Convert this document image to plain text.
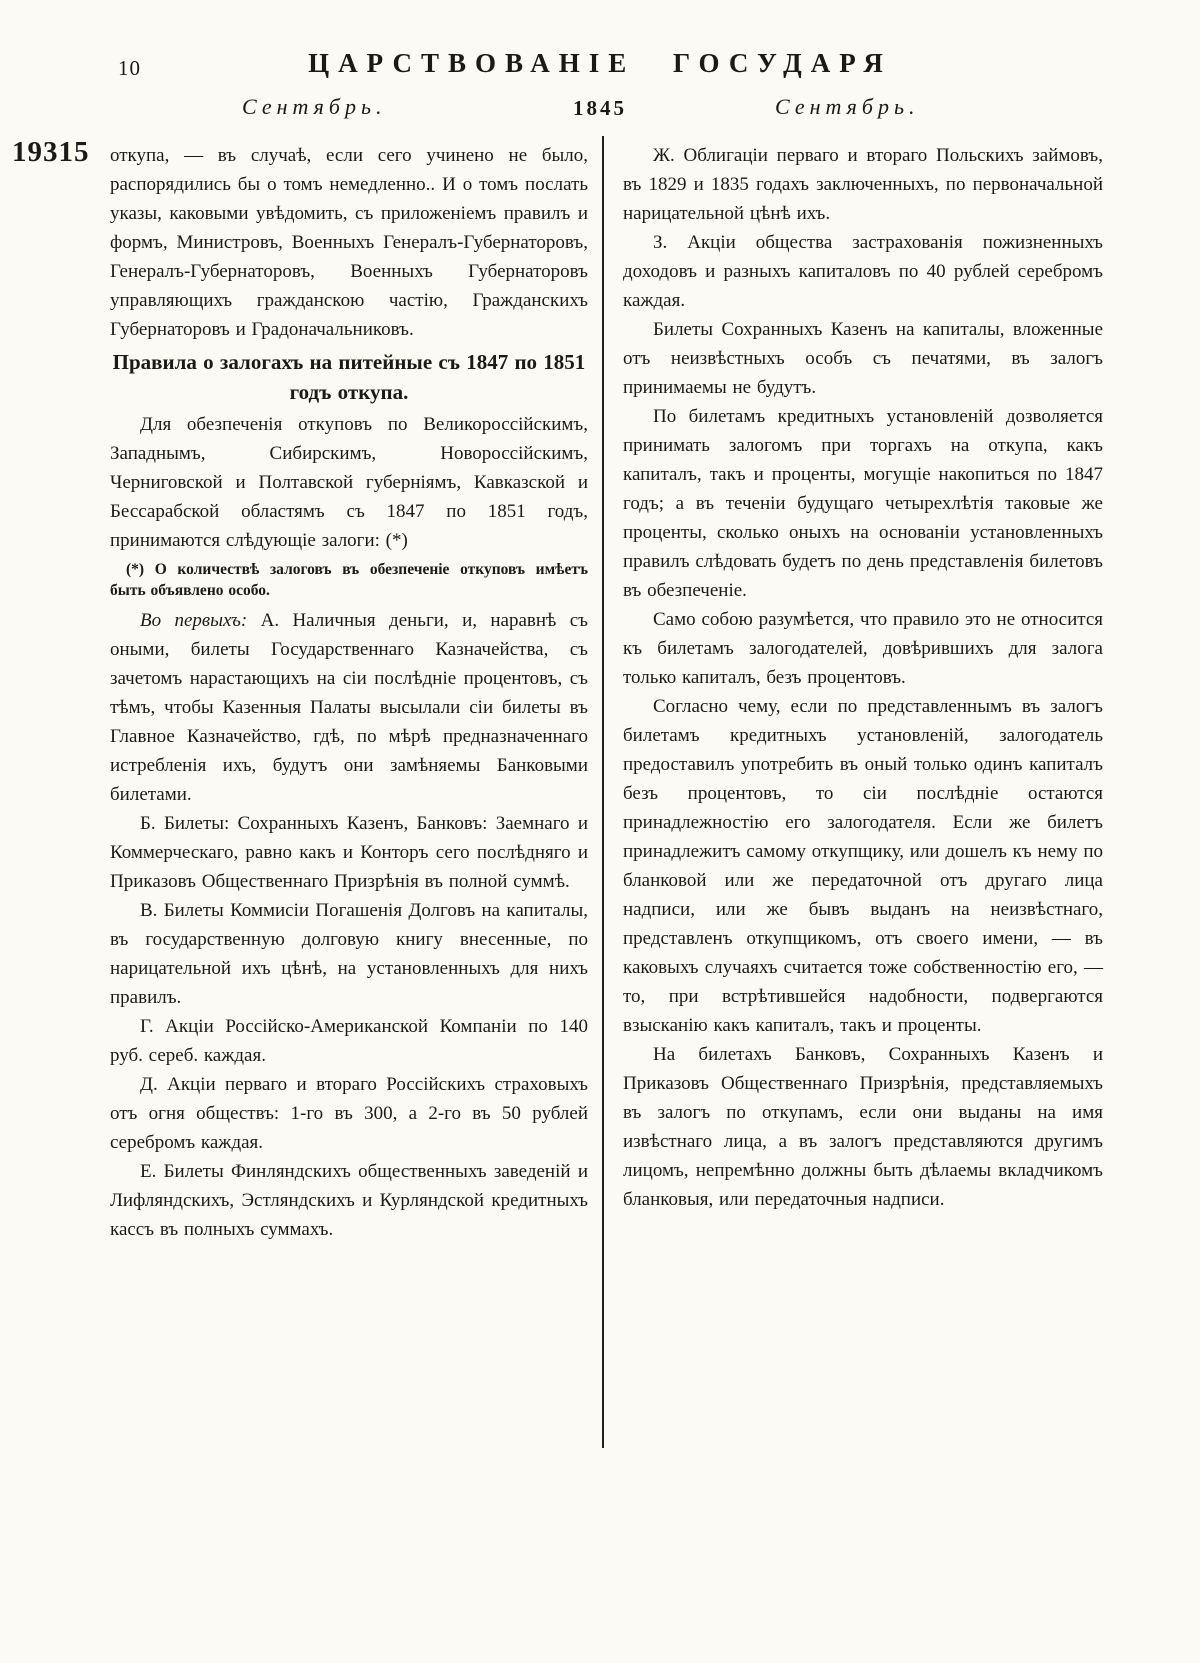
10	ЦАРСТВОВАНІЕ ГОСУДАРЯ
Сентябрь.	1845	Сентябрь.
19315 откупа, — въ случаѣ, если сего учинено не было, распорядились бы о томъ немедленно.. И о томъ послать указы, каковыми увѣдомить, съ приложеніемъ правилъ и формъ, Министровъ, Военныхъ Генералъ-Губернаторовъ, Генералъ-Губернаторовъ, Военныхъ Губернаторовъ управляющихъ гражданскою частію, Гражданскихъ Губернаторовъ и Градоначальниковъ.

Правила о залогахъ на питейные съ 1847 по 1851 годъ откупа.

Для обезпеченія откуповъ по Великороссійскимъ, Западнымъ, Сибирскимъ, Новороссійскимъ, Черниговской и Полтавской губерніямъ, Кавказской и Бессарабской областямъ съ 1847 по 1851 годъ, принимаются слѣдующіе залоги: (*)

(*) О количествѣ залоговъ въ обезпеченіе откуповъ имѣетъ быть объявлено особо.

Во первыхъ: А. Наличныя деньги, и, наравнѣ съ оными, билеты Государственнаго Казначейства, съ зачетомъ нарастающихъ на сіи послѣдніе процентовъ, съ тѣмъ, чтобы Казенныя Палаты высылали сіи билеты въ Главное Казначейство, гдѣ, по мѣрѣ предназначеннаго истребленія ихъ, будутъ они замѣняемы Банковыми билетами.

Б. Билеты: Сохранныхъ Казенъ, Банковъ: Заемнаго и Коммерческаго, равно какъ и Конторъ сего послѣдняго и Приказовъ Общественнаго Призрѣнія въ полной суммѣ.

В. Билеты Коммисіи Погашенія Долговъ на капиталы, въ государственную долговую книгу внесенные, по нарицательной ихъ цѣнѣ, на установленныхъ для нихъ правилъ.

Г. Акціи Россійско-Американской Компаніи по 140 руб. сереб. каждая.

Д. Акціи перваго и втораго Россійскихъ страховыхъ отъ огня обществъ: 1-го въ 300, а 2-го въ 50 рублей серебромъ каждая.

Е. Билеты Финляндскихъ общественныхъ заведеній и Лифляндскихъ, Эстляндскихъ и Курляндской кредитныхъ кассъ въ полныхъ суммахъ.

Ж. Облигаціи перваго и втораго Польскихъ займовъ, въ 1829 и 1835 годахъ заключенныхъ, по первоначальной нарицательной цѣнѣ ихъ.

З. Акціи общества застрахованія пожизненныхъ доходовъ и разныхъ капиталовъ по 40 рублей серебромъ каждая.

Билеты Сохранныхъ Казенъ на капиталы, вложенные отъ неизвѣстныхъ особъ съ печатями, въ залогъ принимаемы не будутъ.

По билетамъ кредитныхъ установленій дозволяется принимать залогомъ при торгахъ на откупа, какъ капиталъ, такъ и проценты, могущіе накопиться по 1847 годъ; а въ теченіи будущаго четырехлѣтія таковые же проценты, сколько оныхъ на основаніи установленныхъ правилъ слѣдовать будетъ по день представленія билетовъ въ обезпеченіе.

Само собою разумѣется, что правило это не относится къ билетамъ залогодателей, довѣрившихъ для залога только капиталъ, безъ процентовъ.

Согласно чему, если по представленнымъ въ залогъ билетамъ кредитныхъ установленій, залогодатель предоставилъ употребить въ оный только одинъ капиталъ безъ процентовъ, то сіи послѣдніе остаются принадлежностію его залогодателя. Если же билетъ принадлежитъ самому откупщику, или дошелъ къ нему по бланковой или же передаточной отъ другаго лица надписи, или же бывъ выданъ на неизвѣстнаго, представленъ откупщикомъ, отъ своего имени, — въ каковыхъ случаяхъ считается тоже собственностію его, — то, при встрѣтившейся надобности, подвергаются взысканію какъ капиталъ, такъ и проценты.

На билетахъ Банковъ, Сохранныхъ Казенъ и Приказовъ Общественнаго Призрѣнія, представляемыхъ въ залогъ по откупамъ, если они выданы на имя извѣстнаго лица, а въ залогъ представляются другимъ лицомъ, непремѣнно должны быть дѣлаемы вкладчикомъ бланковыя, или передаточныя надписи.
